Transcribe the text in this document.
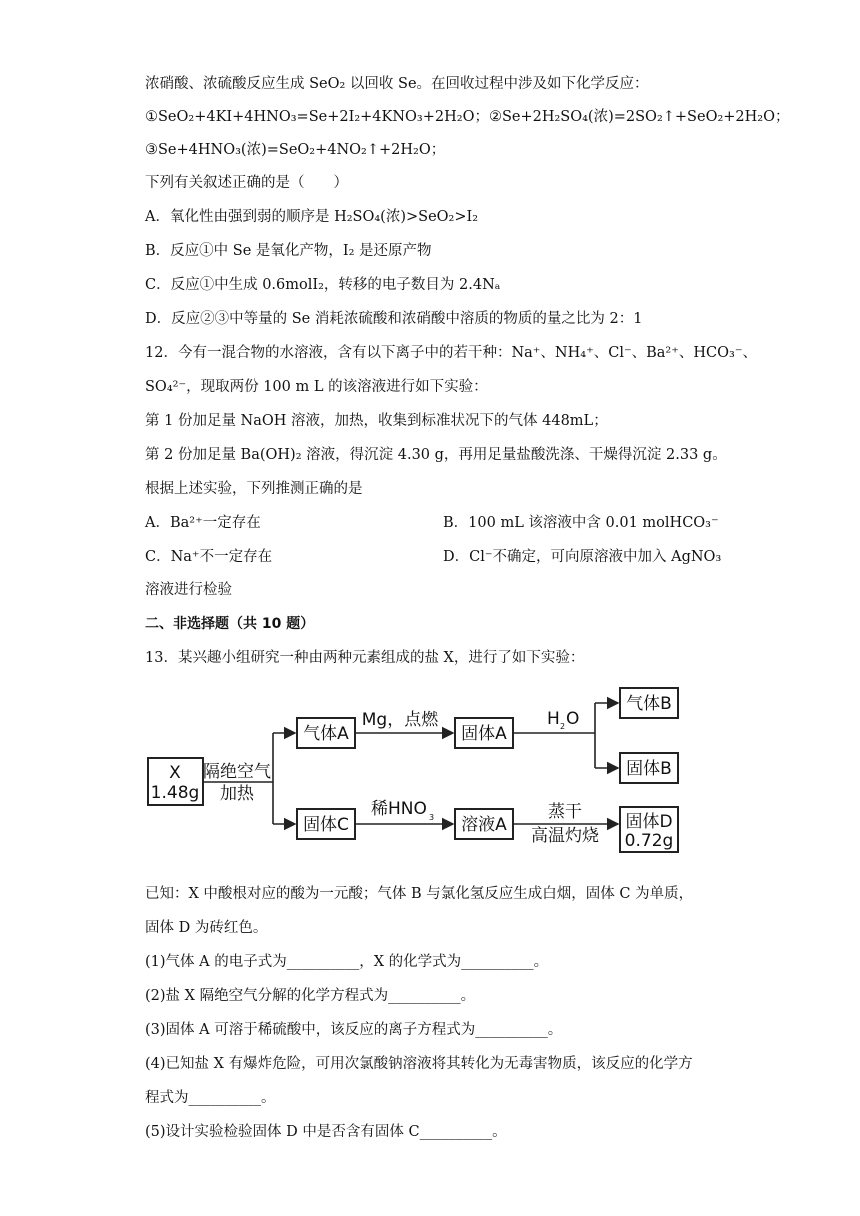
浓硝酸、浓硫酸反应生成 SeO₂ 以回收 Se。在回收过程中涉及如下化学反应：
①SeO₂+4KI+4HNO₃=Se+2I₂+4KNO₃+2H₂O；②Se+2H₂SO₄(浓)=2SO₂↑+SeO₂+2H₂O；
③Se+4HNO₃(浓)=SeO₂+4NO₂↑+2H₂O；
下列有关叙述正确的是（　　）
A．氧化性由强到弱的顺序是 H₂SO₄(浓)>SeO₂>I₂
B．反应①中 Se 是氧化产物，I₂ 是还原产物
C．反应①中生成 0.6molI₂，转移的电子数目为 2.4Nₐ
D．反应②③中等量的 Se 消耗浓硫酸和浓硝酸中溶质的物质的量之比为 2：1
12．今有一混合物的水溶液，含有以下离子中的若干种：Na⁺、NH₄⁺、Cl⁻、Ba²⁺、HCO₃⁻、
SO₄²⁻，现取两份 100 m L 的该溶液进行如下实验：
第 1 份加足量 NaOH 溶液，加热，收集到标准状况下的气体 448mL；
第 2 份加足量 Ba(OH)₂ 溶液，得沉淀 4.30 g，再用足量盐酸洗涤、干燥得沉淀 2.33 g。
根据上述实验，下列推测正确的是
A．Ba²⁺一定存在	B．100 mL 该溶液中含 0.01 molHCO₃⁻
C．Na⁺不一定存在	D．Cl⁻不确定，可向原溶液中加入 AgNO₃
溶液进行检验
二、非选择题（共 10 题）
13．某兴趣小组研究一种由两种元素组成的盐 X，进行了如下实验：
X
1.48g
隔绝空气
加热
气体A
Mg，点燃
固体A
H 2 O
气体B
固体B
固体C
稀HNO 3 溶液A
蒸干
高温灼烧
固体D
0.72g
已知：X 中酸根对应的酸为一元酸；气体 B 与氯化氢反应生成白烟，固体 C 为单质，
固体 D 为砖红色。
(1)气体 A 的电子式为__________，X 的化学式为__________。
(2)盐 X 隔绝空气分解的化学方程式为__________。
(3)固体 A 可溶于稀硫酸中，该反应的离子方程式为__________。
(4)已知盐 X 有爆炸危险，可用次氯酸钠溶液将其转化为无毒害物质，该反应的化学方
程式为__________。
(5)设计实验检验固体 D 中是否含有固体 C__________。
